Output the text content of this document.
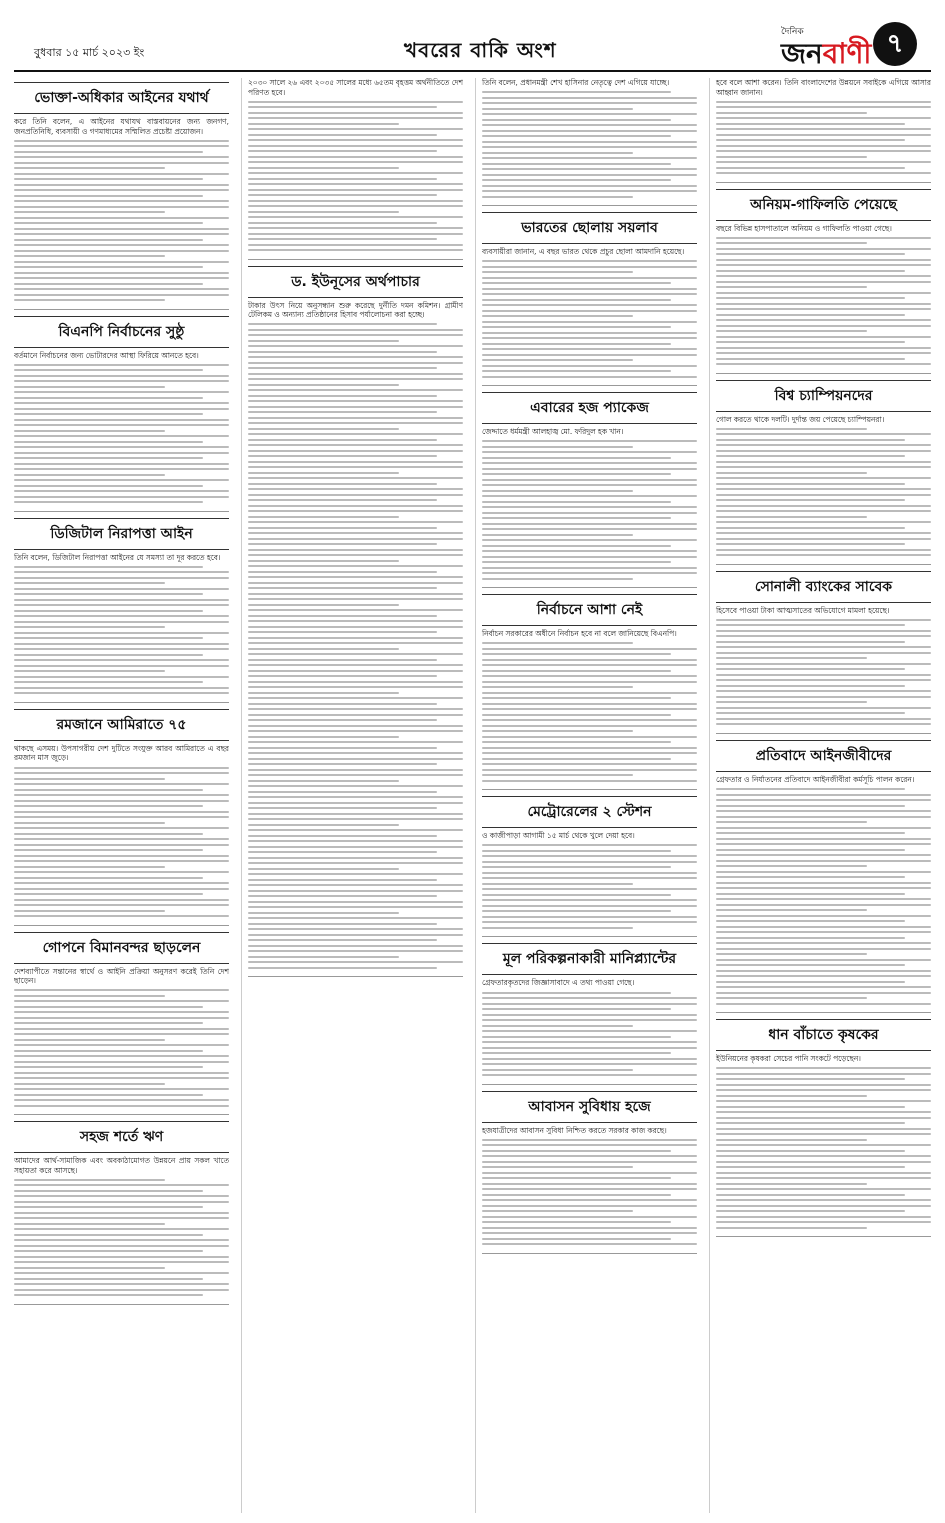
বুধবার ১৫ মার্চ ২০২৩ ইং	খবরের বাকি অংশ
দৈনিক
জনবাণী ৭
ভোক্তা-অধিকার আইনের যথার্থ

করে তিনি বলেন, এ আইনের যথাযথ বাস্তবায়নের জন্য জনগণ, জনপ্রতিনিধি, ব্যবসায়ী ও গণমাধ্যমের সম্মিলিত প্রচেষ্টা প্রয়োজন।

বিএনপি নির্বাচনের সুষ্ঠু

বর্তমানে নির্বাচনের জন্য ভোটারদের আস্থা ফিরিয়ে আনতে হবে।

ডিজিটাল নিরাপত্তা আইন

তিনি বলেন, ডিজিটাল নিরাপত্তা আইনের যে সমস্যা তা দূর করতে হবে।

রমজানে আমিরাতে ৭৫

থাকছে এসময়। উপসাগরীয় দেশ দুটিতে সংযুক্ত আরব আমিরাতে এ বছর রমজান মাস জুড়ে।

গোপনে বিমানবন্দর ছাড়লেন

দেশব্যাপীতে সন্তানের স্বার্থে ও আইনি প্রক্রিয়া অনুসরণ করেই তিনি দেশ ছাড়েন।

সহজ শর্তে ঋণ

আমাদের আর্থ-সামাজিক এবং অবকাঠামোগত উন্নয়নে প্রায় সকল খাতে সহায়তা করে আসছে।

২০৩০ সালে ২৬ এবং ২০৩৫ সালের মধ্যে ৬৫তম বৃহত্তম অর্থনীতিতে দেশ পরিণত হবে।

ড. ইউনূসের অর্থপাচার

টাকার উৎস নিয়ে অনুসন্ধান শুরু করেছে দুর্নীতি দমন কমিশন। গ্রামীণ টেলিকম ও অন্যান্য প্রতিষ্ঠানের হিসাব পর্যালোচনা করা হচ্ছে।

তিনি বলেন, প্রধানমন্ত্রী শেখ হাসিনার নেতৃত্বে দেশ এগিয়ে যাচ্ছে।

ভারতের ছোলায় সয়লাব

ব্যবসায়ীরা জানান, এ বছর ভারত থেকে প্রচুর ছোলা আমদানি হয়েছে।

এবারের হজ প্যাকেজ

জেদ্দাতে ধর্মমন্ত্রী আলহাজ্ব মো. ফরিদুল হক খান।

নির্বাচনে আশা নেই

নির্বাচন সরকারের অধীনে নির্বাচন হবে না বলে জানিয়েছে বিএনপি।

মেট্রোরেলের ২ স্টেশন

ও কাজীপাড়া আগামী ১৫ মার্চ থেকে খুলে দেয়া হবে।

মূল পরিকল্পনাকারী মানিপ্ল্যান্টের

গ্রেফতারকৃতদের জিজ্ঞাসাবাদে এ তথ্য পাওয়া গেছে।

আবাসন সুবিধায় হজে

হজযাত্রীদের আবাসন সুবিধা নিশ্চিত করতে সরকার কাজ করছে।

হবে বলে আশা করেন। তিনি বাংলাদেশের উন্নয়নে সবাইকে এগিয়ে আসার আহ্বান জানান।

অনিয়ম-গাফিলতি পেয়েছে

বছরে বিভিন্ন হাসপাতালে অনিয়ম ও গাফিলতি পাওয়া গেছে।

বিশ্ব চ্যাম্পিয়নদের

গোল করতে থাকে দলটি। দুর্দান্ত জয় পেয়েছে চ্যাম্পিয়নরা।

সোনালী ব্যাংকের সাবেক

হিসেবে পাওয়া টাকা আত্মসাতের অভিযোগে মামলা হয়েছে।

প্রতিবাদে আইনজীবীদের

গ্রেফতার ও নির্যাতনের প্রতিবাদে আইনজীবীরা কর্মসূচি পালন করেন।

ধান বাঁচাতে কৃষকের

ইউনিয়নের কৃষকরা সেচের পানি সংকটে পড়েছেন।
